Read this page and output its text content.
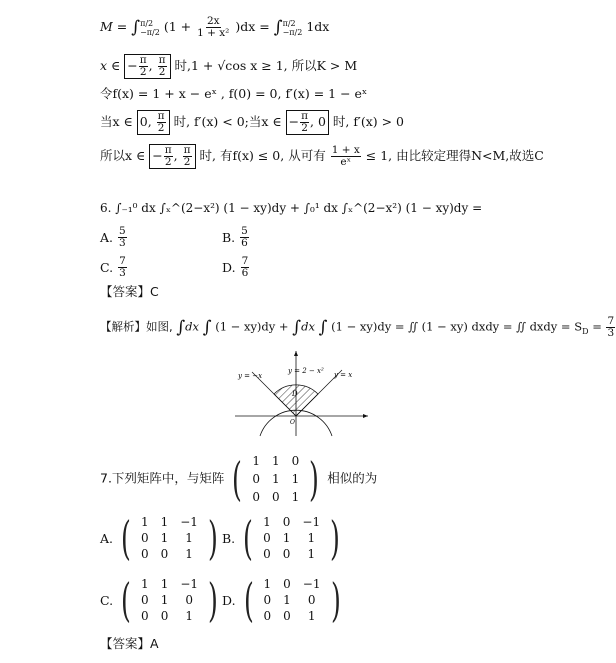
M = ∫ π/2
−π/2 $(1 + \frac{2x}{\text{1 + x²}} )dx$ = ∫ π/2
−π/2 1dx
x ∈ − $\frac{\pi}{2}$ , $\frac{\pi}{2}$ 时,1 + √cos x ≥ 1, 所以K > M
令f(x) = 1 + x − eˣ , f(0) = 0, f′(x) = 1 − eˣ
当x ∈ 0, $\frac{\pi}{2}$ 时, f′(x) < 0;当x ∈ − $\frac{\pi}{2}$ , 0 时, f′(x) > 0
所以x ∈ − $\frac{\pi}{2}$ , $\frac{\pi}{2}$ 时, 有f(x) ≤ 0, 从可有 $\frac{1 + x}{\text{eˣ}} \le 1$, 由比较定理得N<M,故选C
6. ∫₋₁⁰ dx ∫ₓ^(2−x²) (1 − xy)dy + ∫₀¹ dx ∫ₓ^(2−x²) (1 − xy)dy =
A. $\frac{5}{3}$	B. $\frac{5}{6}$
C. $\frac{7}{3}$	D. $\frac{7}{6}$
【答案】C
【解析】如图, ∫dx ∫ (1 − xy)dy + ∫dx ∫ (1 − xy)dy = ∬ (1 − xy) dxdy = ∬ dxdy = $S_D = \frac{7}{3}$
y = −x
y = 2 − x² y = x
D
O
7.下列矩阵中，与矩阵 ( 1	1	0
0	1	1
0	0	1 ) 相似的为
A. ( 1	1	−1
0	1	1
0	0	1 ) B. ( 1	0	−1
0	1	1
0	0	1 )
C. ( 1	1	−1
0	1	0
0	0	1 ) D. ( 1	0	−1
0	1	0
0	0	1 )
【答案】A
